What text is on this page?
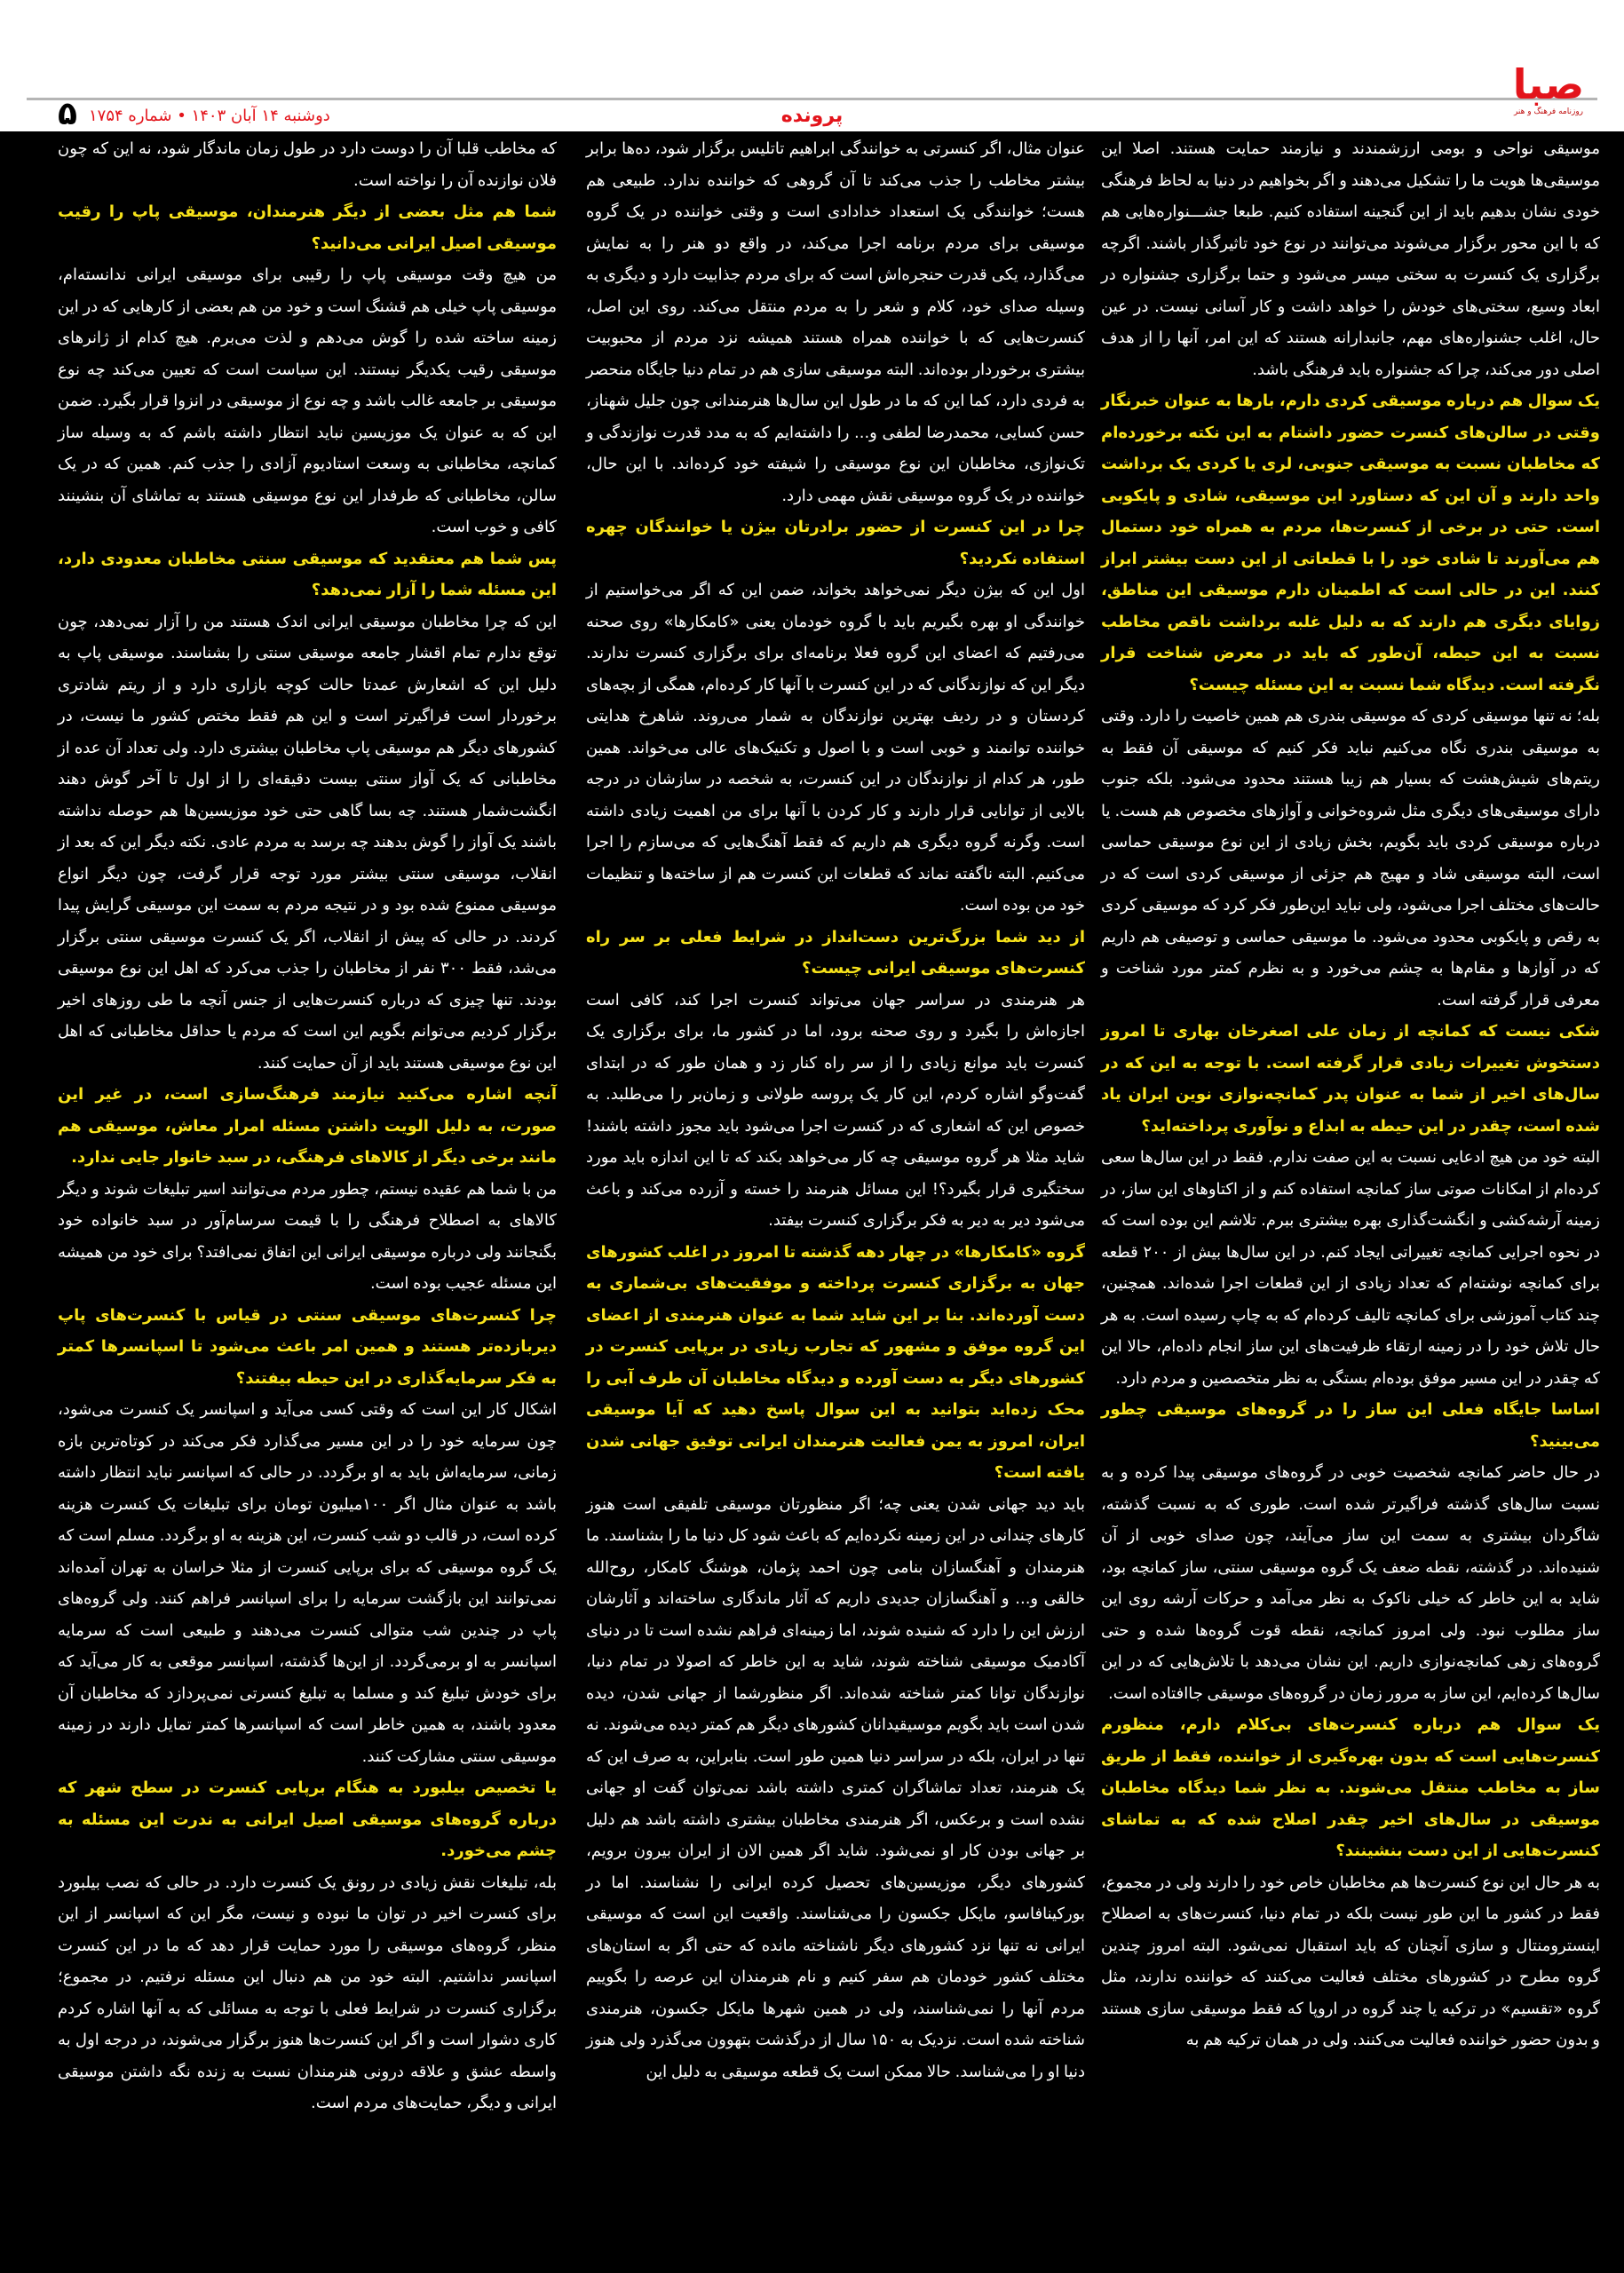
صبا
روزنامه فرهنگ و هنر
پرونده
۵ دوشنبه ۱۴ آبان ۱۴۰۳ • شماره ۱۷۵۴

موسیقی نواحی و بومی ارزشمندند و نیازمند حمایت هستند. اصلا این موسیقی‌ها هویت ما را تشکیل می‌دهند و اگر بخواهیم در دنیا به لحاظ فرهنگی خودی نشان بدهیم باید از این گنجینه استفاده کنیم. طبعا جشـــنواره‌هایی هم که با این محور برگزار می‌شوند می‌توانند در نوع خود تاثیرگذار باشند. اگرچه برگزاری یک کنسرت به سختی میسر می‌شود و حتما برگزاری جشنواره در ابعاد وسیع، سختی‌های خودش را خواهد داشت و کار آسانی نیست. در عین حال، اغلب جشنواره‌های مهم، جانبدارانه هستند که این امر، آنها را از هدف اصلی دور می‌کند، چرا که جشنواره باید فرهنگی باشد.

یک سوال هم درباره موسیقی کردی دارم، بارها به عنوان خبرنگار وقتی در سالن‌های کنسرت حضور داشتام به این نکته برخورده‌ام که مخاطبان نسبت به موسیقی جنوبی، لری یا کردی یک برداشت واحد دارند و آن این که دستاورد این موسیقی، شادی و پایکوبی است. حتی در برخی از کنسرت‌ها، مردم به همراه خود دستمال هم می‌آورند تا شادی خود را با قطعاتی از این دست بیشتر ابراز کنند. این در حالی است که اطمینان دارم موسیقی این مناطق، زوایای دیگری هم دارند که به دلیل غلبه برداشت ناقص مخاطب نسبت به این حیطه، آن‌طور که باید در معرض شناخت قرار نگرفته است. دیدگاه شما نسبت به این مسئله چیست؟

بله؛ نه تنها موسیقی کردی که موسیقی بندری هم همین خاصیت را دارد. وقتی به موسیقی بندری نگاه می‌کنیم نباید فکر کنیم که موسیقی آن فقط به ریتم‌های شیش‌هشت که بسیار هم زیبا هستند محدود می‌شود. بلکه جنوب دارای موسیقی‌های دیگری مثل شروه‌خوانی و آوازهای مخصوص هم هست. یا درباره موسیقی کردی باید بگویم، بخش زیادی از این نوع موسیقی حماسی است، البته موسیقی شاد و مهیج هم جزئی از موسیقی کردی است که در حالت‌های مختلف اجرا می‌شود، ولی نباید این‌طور فکر کرد که موسیقی کردی به رقص و پایکوبی محدود می‌شود. ما موسیقی حماسی و توصیفی هم داریم که در آوازها و مقام‌ها به چشم می‌خورد و به نظرم کمتر مورد شناخت و معرفی قرار گرفته است.

شکی نیست که کمانچه از زمان علی اصغرخان بهاری تا امروز دستخوش تغییرات زیادی قرار گرفته است. با توجه به این که در سال‌های اخیر از شما به عنوان پدر کمانچه‌نوازی نوین ایران یاد شده است، چقدر در این حیطه به ابداع و نوآوری پرداخته‌اید؟

البته خود من هیچ ادعایی نسبت به این صفت ندارم. فقط در این سال‌ها سعی کرده‌ام از امکانات صوتی ساز کمانچه استفاده کنم و از اکتاوهای این ساز، در زمینه آرشه‌کشی و انگشت‌گذاری بهره بیشتری ببرم. تلاشم این بوده است که در نحوه اجرایی کمانچه تغییراتی ایجاد کنم. در این سال‌ها بیش از ۲۰۰ قطعه برای کمانچه نوشته‌ام که تعداد زیادی از این قطعات اجرا شده‌اند. همچنین، چند کتاب آموزشی برای کمانچه تالیف کرده‌ام که به چاپ رسیده است. به هر حال تلاش خود را در زمینه ارتقاء ظرفیت‌های این ساز انجام داده‌ام، حالا این که چقدر در این مسیر موفق بوده‌ام بستگی به نظر متخصصین و مردم دارد.

اساسا جایگاه فعلی این ساز را در گروه‌های موسیقی چطور می‌بینید؟

در حال حاضر کمانچه شخصیت خوبی در گروه‌های موسیقی پیدا کرده و به نسبت سال‌های گذشته فراگیرتر شده است. طوری که به نسبت گذشته، شاگردان بیشتری به سمت این ساز می‌آیند، چون صدای خوبی از آن شنیده‌اند. در گذشته، نقطه ضعف یک گروه موسیقی سنتی، ساز کمانچه بود، شاید به این خاطر که خیلی ناکوک به نظر می‌آمد و حرکات آرشه روی این ساز مطلوب نبود. ولی امروز کمانچه، نقطه قوت گروه‌ها شده و حتی گروه‌های زهی کمانچه‌نوازی داریم. این نشان می‌دهد با تلاش‌هایی که در این سال‌ها کرده‌ایم، این ساز به مرور زمان در گروه‌های موسیقی جاافتاده است.

یک سوال هم درباره کنسرت‌های بی‌کلام دارم، منظورم کنسرت‌هایی است که بدون بهره‌گیری از خواننده، فقط از طریق ساز به مخاطب منتقل می‌شوند. به نظر شما دیدگاه مخاطبان موسیقی در سال‌های اخیر چقدر اصلاح شده که به تماشای کنسرت‌هایی از این دست بنشینند؟

به هر حال این نوع کنسرت‌ها هم مخاطبان خاص خود را دارند ولی در مجموع، فقط در کشور ما این طور نیست بلکه در تمام دنیا، کنسرت‌های به اصطلاح اینسترومنتال و سازی آنچنان که باید استقبال نمی‌شود. البته امروز چندین گروه مطرح در کشورهای مختلف فعالیت می‌کنند که خواننده ندارند، مثل گروه «تقسیم» در ترکیه یا چند گروه در اروپا که فقط موسیقی سازی هستند و بدون حضور خواننده فعالیت می‌کنند. ولی در همان ترکیه هم به

عنوان مثال، اگر کنسرتی به خوانندگی ابراهیم تاتلیس برگزار شود، ده‌ها برابر بیشتر مخاطب را جذب می‌کند تا آن گروهی که خواننده ندارد. طبیعی هم هست؛ خوانندگی یک استعداد خدادادی است و وقتی خواننده در یک گروه موسیقی برای مردم برنامه اجرا می‌کند، در واقع دو هنر را به نمایش می‌گذارد، یکی قدرت حنجره‌اش است که برای مردم جذابیت دارد و دیگری به وسیله صدای خود، کلام و شعر را به مردم منتقل می‌کند. روی این اصل، کنسرت‌هایی که با خواننده همراه هستند همیشه نزد مردم از محبوبیت بیشتری برخوردار بوده‌اند. البته موسیقی سازی هم در تمام دنیا جایگاه منحصر به فردی دارد، کما این که ما در طول این سال‌ها هنرمندانی چون جلیل شهناز، حسن کسایی، محمدرضا لطفی و... را داشته‌ایم که به مدد قدرت نوازندگی و تک‌نوازی، مخاطبان این نوع موسیقی را شیفته خود کرده‌اند. با این حال، خواننده در یک گروه موسیقی نقش مهمی دارد.

چرا در این کنسرت از حضور برادرتان بیژن یا خوانندگان چهره استفاده نکردید؟

اول این که بیژن دیگر نمی‌خواهد بخواند، ضمن این که اگر می‌خواستیم از خوانندگی او بهره بگیریم باید با گروه خودمان یعنی «کامکارها» روی صحنه می‌رفتیم که اعضای این گروه فعلا برنامه‌ای برای برگزاری کنسرت ندارند. دیگر این که نوازندگانی که در این کنسرت با آنها کار کرده‌ام، همگی از بچه‌های کردستان و در ردیف بهترین نوازندگان به شمار می‌روند. شاهرخ هدایتی خواننده توانمند و خوبی است و با اصول و تکنیک‌های عالی می‌خواند. همین طور، هر کدام از نوازندگان در این کنسرت، به شخصه در سازشان در درجه بالایی از توانایی قرار دارند و کار کردن با آنها برای من اهمیت زیادی داشته است. وگرنه گروه دیگری هم داریم که فقط آهنگ‌هایی که می‌سازم را اجرا می‌کنیم. البته ناگفته نماند که قطعات این کنسرت هم از ساخته‌ها و تنظیمات خود من بوده است.

از دید شما بزرگ‌ترین دست‌انداز در شرایط فعلی بر سر راه کنسرت‌های موسیقی ایرانی چیست؟

هر هنرمندی در سراسر جهان می‌تواند کنسرت اجرا کند، کافی است اجازه‌اش را بگیرد و روی صحنه برود، اما در کشور ما، برای برگزاری یک کنسرت باید موانع زیادی را از سر راه کنار زد و همان طور که در ابتدای گفت‌وگو اشاره کردم، این کار یک پروسه طولانی و زمان‌بر را می‌طلبد. به خصوص این که اشعاری که در کنسرت اجرا می‌شود باید مجوز داشته باشند! شاید مثلا هر گروه موسیقی چه کار می‌خواهد بکند که تا این اندازه باید مورد سختگیری قرار بگیرد؟! این مسائل هنرمند را خسته و آزرده می‌کند و باعث می‌شود دیر به دیر به فکر برگزاری کنسرت بیفتد.

گروه «کامکارها» در چهار دهه گذشته تا امروز در اغلب کشورهای جهان به برگزاری کنسرت پرداخته و موفقیت‌های بی‌شماری به دست آورده‌اند. بنا بر این شاید شما به عنوان هنرمندی از اعضای این گروه موفق و مشهور که تجارب زیادی در برپایی کنسرت در کشورهای دیگر به دست آورده و دیدگاه مخاطبان آن طرف آبی را محک زده‌اید بتوانید به این سوال پاسخ دهید که آیا موسیقی ایران، امروز به یمن فعالیت هنرمندان ایرانی توفیق جهانی شدن یافته است؟

باید دید جهانی شدن یعنی چه؛ اگر منظورتان موسیقی تلفیقی است هنوز کارهای چندانی در این زمینه نکرده‌ایم که باعث شود کل دنیا ما را بشناسند. ما هنرمندان و آهنگسازان بنامی چون احمد پژمان، هوشنگ کامکار، روح‌الله خالقی و... و آهنگسازان جدیدی داریم که آثار ماندگاری ساخته‌اند و آثارشان ارزش این را دارد که شنیده شوند، اما زمینه‌ای فراهم نشده است تا در دنیای آکادمیک موسیقی شناخته شوند، شاید به این خاطر که اصولا در تمام دنیا، نوازندگان توانا کمتر شناخته شده‌اند. اگر منظورشما از جهانی شدن، دیده شدن است باید بگویم موسیقیدانان کشورهای دیگر هم کمتر دیده می‌شوند. نه تنها در ایران، بلکه در سراسر دنیا همین طور است. بنابراین، به صرف این که یک هنرمند، تعداد تماشاگران کمتری داشته باشد نمی‌توان گفت او جهانی نشده است و برعکس، اگر هنرمندی مخاطبان بیشتری داشته باشد هم دلیل بر جهانی بودن کار او نمی‌شود. شاید اگر همین الان از ایران بیرون برویم، کشورهای دیگر، موزیسین‌های تحصیل کرده ایرانی را نشناسند. اما در بورکینافاسو، مایکل جکسون را می‌شناسند. واقعیت این است که موسیقی ایرانی نه تنها نزد کشورهای دیگر ناشناخته مانده که حتی اگر به استان‌های مختلف کشور خودمان هم سفر کنیم و نام هنرمندان این عرصه را بگوییم مردم آنها را نمی‌شناسند، ولی در همین شهرها مایکل جکسون، هنرمندی شناخته شده است. نزدیک به ۱۵۰ سال از درگذشت بتهوون می‌گذرد ولی هنوز دنیا او را می‌شناسد. حالا ممکن است یک قطعه موسیقی به دلیل این

که مخاطب قلبا آن را دوست دارد در طول زمان ماندگار شود، نه این که چون فلان نوازنده آن را نواخته است.

شما هم مثل بعضی از دیگر هنرمندان، موسیقی پاپ را رقیب موسیقی اصیل ایرانی می‌دانید؟

من هیچ وقت موسیقی پاپ را رقیبی برای موسیقی ایرانی ندانسته‌ام، موسیقی پاپ خیلی هم قشنگ است و خود من هم بعضی از کارهایی که در این زمینه ساخته شده را گوش می‌دهم و لذت می‌برم. هیچ کدام از ژانرهای موسیقی رقیب یکدیگر نیستند. این سیاست است که تعیین می‌کند چه نوع موسیقی بر جامعه غالب باشد و چه نوع از موسیقی در انزوا قرار بگیرد. ضمن این که به عنوان یک موزیسین نباید انتظار داشته باشم که به وسیله ساز کمانچه، مخاطبانی به وسعت استادیوم آزادی را جذب کنم. همین که در یک سالن، مخاطبانی که طرفدار این نوع موسیقی هستند به تماشای آن بنشینند کافی و خوب است.

پس شما هم معتقدید که موسیقی سنتی مخاطبان معدودی دارد، این مسئله شما را آزار نمی‌دهد؟

این که چرا مخاطبان موسیقی ایرانی اندک هستند من را آزار نمی‌دهد، چون توقع ندارم تمام اقشار جامعه موسیقی سنتی را بشناسند. موسیقی پاپ به دلیل این که اشعارش عمدتا حالت کوچه بازاری دارد و از ریتم شادتری برخوردار است فراگیرتر است و این هم فقط مختص کشور ما نیست، در کشورهای دیگر هم موسیقی پاپ مخاطبان بیشتری دارد. ولی تعداد آن عده از مخاطبانی که یک آواز سنتی بیست دقیقه‌ای را از اول تا آخر گوش دهند انگشت‌شمار هستند. چه بسا گاهی حتی خود موزیسین‌ها هم حوصله نداشته باشند یک آواز را گوش بدهند چه برسد به مردم عادی. نکته دیگر این که بعد از انقلاب، موسیقی سنتی بیشتر مورد توجه قرار گرفت، چون دیگر انواع موسیقی ممنوع شده بود و در نتیجه مردم به سمت این موسیقی گرایش پیدا کردند. در حالی که پیش از انقلاب، اگر یک کنسرت موسیقی سنتی برگزار می‌شد، فقط ۳۰۰ نفر از مخاطبان را جذب می‌کرد که اهل این نوع موسیقی بودند. تنها چیزی که درباره کنسرت‌هایی از جنس آنچه ما طی روزهای اخیر برگزار کردیم می‌توانم بگویم این است که مردم یا حداقل مخاطبانی که اهل این نوع موسیقی هستند باید از آن حمایت کنند.

آنچه اشاره می‌کنید نیازمند فرهنگ‌سازی است، در غیر این صورت، به دلیل الویت داشتن مسئله امرار معاش، موسیقی هم مانند برخی دیگر از کالاهای فرهنگی، در سبد خانوار جایی ندارد.

من با شما هم عقیده نیستم، چطور مردم می‌توانند اسیر تبلیغات شوند و دیگر کالاهای به اصطلاح فرهنگی را با قیمت سرسام‌آور در سبد خانواده خود بگنجانند ولی درباره موسیقی ایرانی این اتفاق نمی‌افتد؟ برای خود من همیشه این مسئله عجیب بوده است.

چرا کنسرت‌های موسیقی سنتی در قیاس با کنسرت‌های پاپ دیربازده‌تر هستند و همین امر باعث می‌شود تا اسپانسرها کمتر به فکر سرمایه‌گذاری در این حیطه بیفتند؟

اشکال کار این است که وقتی کسی می‌آید و اسپانسر یک کنسرت می‌شود، چون سرمایه خود را در این مسیر می‌گذارد فکر می‌کند در کوتاه‌ترین بازه زمانی، سرمایه‌اش باید به او برگردد. در حالی که اسپانسر نباید انتظار داشته باشد به عنوان مثال اگر ۱۰۰میلیون تومان برای تبلیغات یک کنسرت هزینه کرده است، در قالب دو شب کنسرت، این هزینه به او برگردد. مسلم است که یک گروه موسیقی که برای برپایی کنسرت از مثلا خراسان به تهران آمده‌اند نمی‌توانند این بازگشت سرمایه را برای اسپانسر فراهم کنند. ولی گروه‌های پاپ در چندین شب متوالی کنسرت می‌دهند و طبیعی است که سرمایه اسپانسر به او برمی‌گردد. از این‌ها گذشته، اسپانسر موقعی به کار می‌آید که برای خودش تبلیغ کند و مسلما به تبلیغ کنسرتی نمی‌پردازد که مخاطبان آن معدود باشند، به همین خاطر است که اسپانسرها کمتر تمایل دارند در زمینه موسیقی سنتی مشارکت کنند.

یا تخصیص بیلبورد به هنگام برپایی کنسرت در سطح شهر که درباره گروه‌های موسیقی اصیل ایرانی به ندرت این مسئله به چشم می‌خورد.

بله، تبلیغات نقش زیادی در رونق یک کنسرت دارد. در حالی که نصب بیلبورد برای کنسرت اخیر در توان ما نبوده و نیست، مگر این که اسپانسر از این منظر، گروه‌های موسیقی را مورد حمایت قرار دهد که ما در این کنسرت اسپانسر نداشتیم. البته خود من هم دنبال این مسئله نرفتیم. در مجموع؛ برگزاری کنسرت در شرایط فعلی با توجه به مسائلی که به آنها اشاره کردم کاری دشوار است و اگر این کنسرت‌ها هنوز برگزار می‌شوند، در درجه اول به واسطه عشق و علاقه درونی هنرمندان نسبت به زنده نگه داشتن موسیقی ایرانی و دیگر، حمایت‌های مردم است.
